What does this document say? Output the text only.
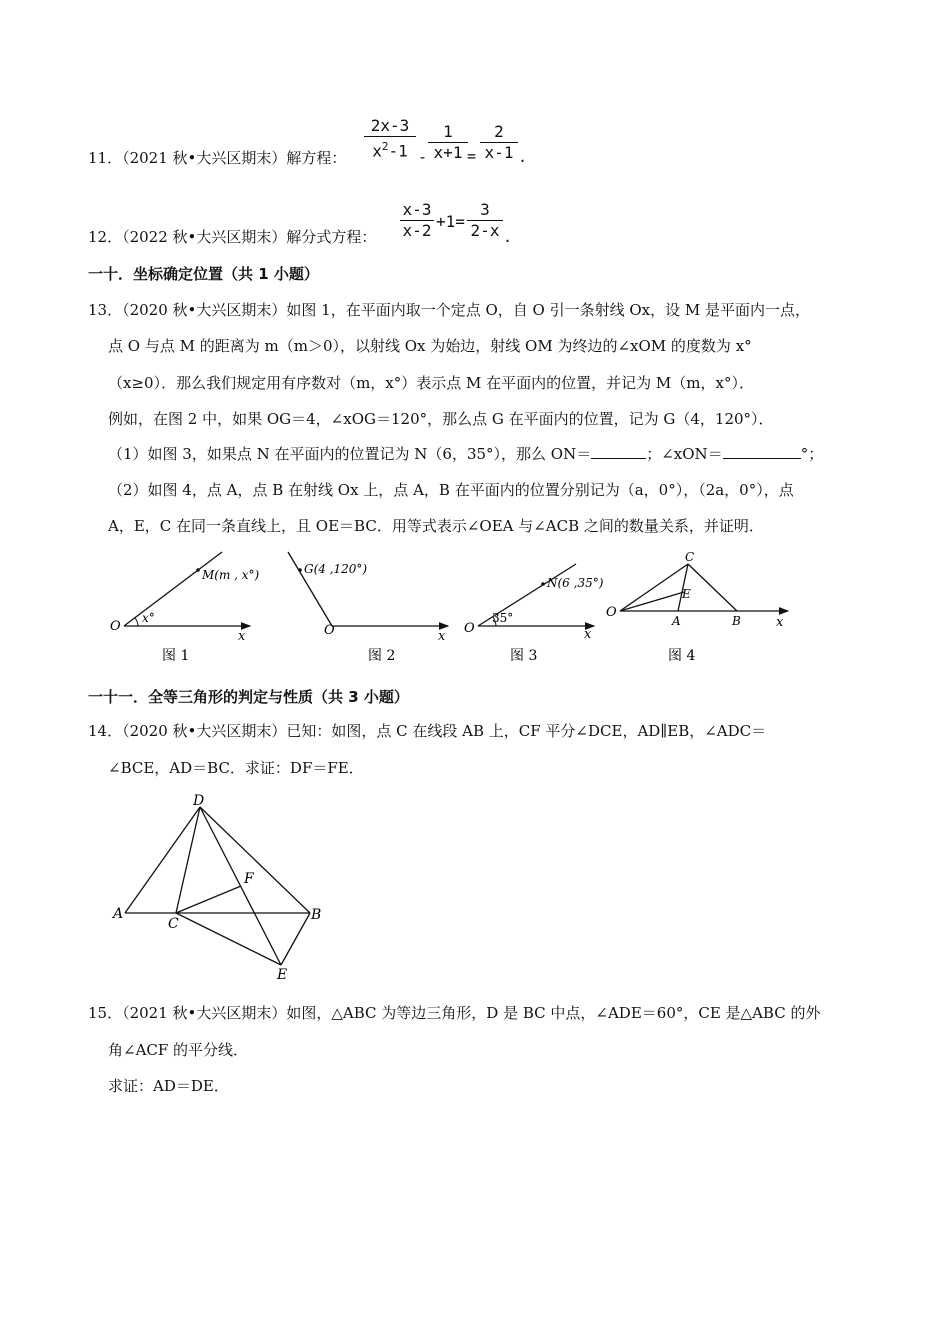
11．（2021 秋•大兴区期末）解方程：
2x-3
$x^2-1$ -
1
x+1 =
2
x-1 .
12．（2022 秋•大兴区期末）解分式方程：
x-3
x-2 +1=
3
2-x .
一十．坐标确定位置（共 1 小题）
13．（2020 秋•大兴区期末）如图 1，在平面内取一个定点 O，自 O 引一条射线 Ox，设 M 是平面内一点，
点 O 与点 M 的距离为 m（m＞0），以射线 Ox 为始边，射线 OM 为终边的∠xOM 的度数为 x°
（x≥0）．那么我们规定用有序数对（m，x°）表示点 M 在平面内的位置，并记为 M（m，x°）．
例如，在图 2 中，如果 OG＝4，∠xOG＝120°，那么点 G 在平面内的位置，记为 G（4，120°）．
（1）如图 3，如果点 N 在平面内的位置记为 N（6，35°），那么 ON＝	；∠xON＝	°；
（2）如图 4，点 A，点 B 在射线 Ox 上，点 A，B 在平面内的位置分别记为（a，0°），（2a，0°），点
A，E，C 在同一条直线上，且 OE＝BC．用等式表示∠OEA 与∠ACB 之间的数量关系，并证明．
O
x
x°
M(m , x°)
图 1
O	x
G(4 ,120°)
图 2
O	x
35°
N(6 ,35°)
图 3
O
A	B
C
E
x
图 4
一十一．全等三角形的判定与性质（共 3 小题）
14．（2020 秋•大兴区期末）已知：如图，点 C 在线段 AB 上，CF 平分∠DCE，AD∥EB，∠ADC＝
∠BCE，AD＝BC．求证：DF＝FE．
D
A
C
B
F
E
15．（2021 秋•大兴区期末）如图，△ABC 为等边三角形，D 是 BC 中点，∠ADE＝60°，CE 是△ABC 的外
角∠ACF 的平分线．
求证：AD＝DE．
